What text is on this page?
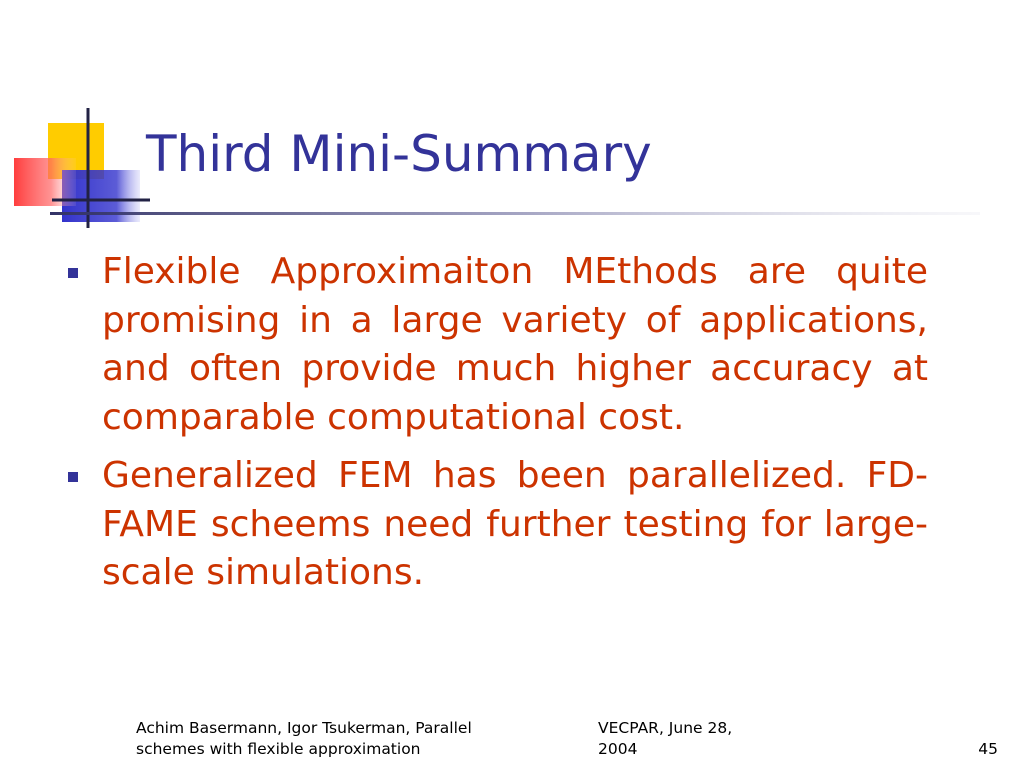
Third Mini-Summary
Flexible Approximaiton MEthods are quite promising in a large variety of applications, and often provide much higher accuracy at comparable computational cost.
Generalized FEM has been parallelized. FD-FAME scheems need further testing for large-scale simulations.
Achim Basermann, Igor Tsukerman, Parallel
schemes with flexible approximation
VECPAR, June 28,
2004	45
